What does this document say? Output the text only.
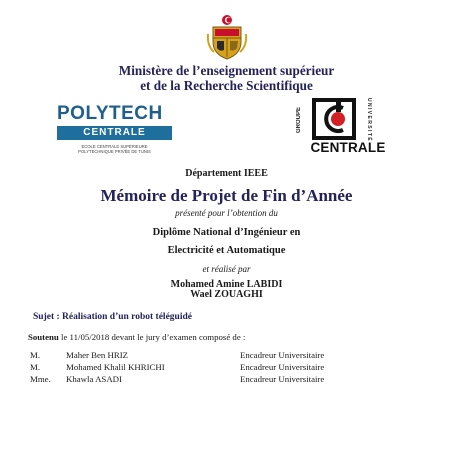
Ministère de l’enseignement supérieur
et de la Recherche Scientifique
POLYTECH
CENTRALE
ECOLE CENTRALE SUPÉRIEURE
POLYTECHNIQUE PRIVÉE DE TUNIS
GROUPE	UNIVERSITÉ
CENTRALE
Département IEEE
Mémoire de Projet de Fin d’Année
présenté pour l’obtention du
Diplôme National d’Ingénieur en
Electricité et Automatique
et réalisé par
Mohamed Amine LABIDI
Wael ZOUAGHI
Sujet : Réalisation d’un robot téléguidé
Soutenu le 11/05/2018 devant le jury d’examen composé de :
M.	Maher Ben HRIZ	Encadreur Universitaire
M.	Mohamed Khalil KHRICHI	Encadreur Universitaire
Mme. Khawla ASADI	Encadreur Universitaire
